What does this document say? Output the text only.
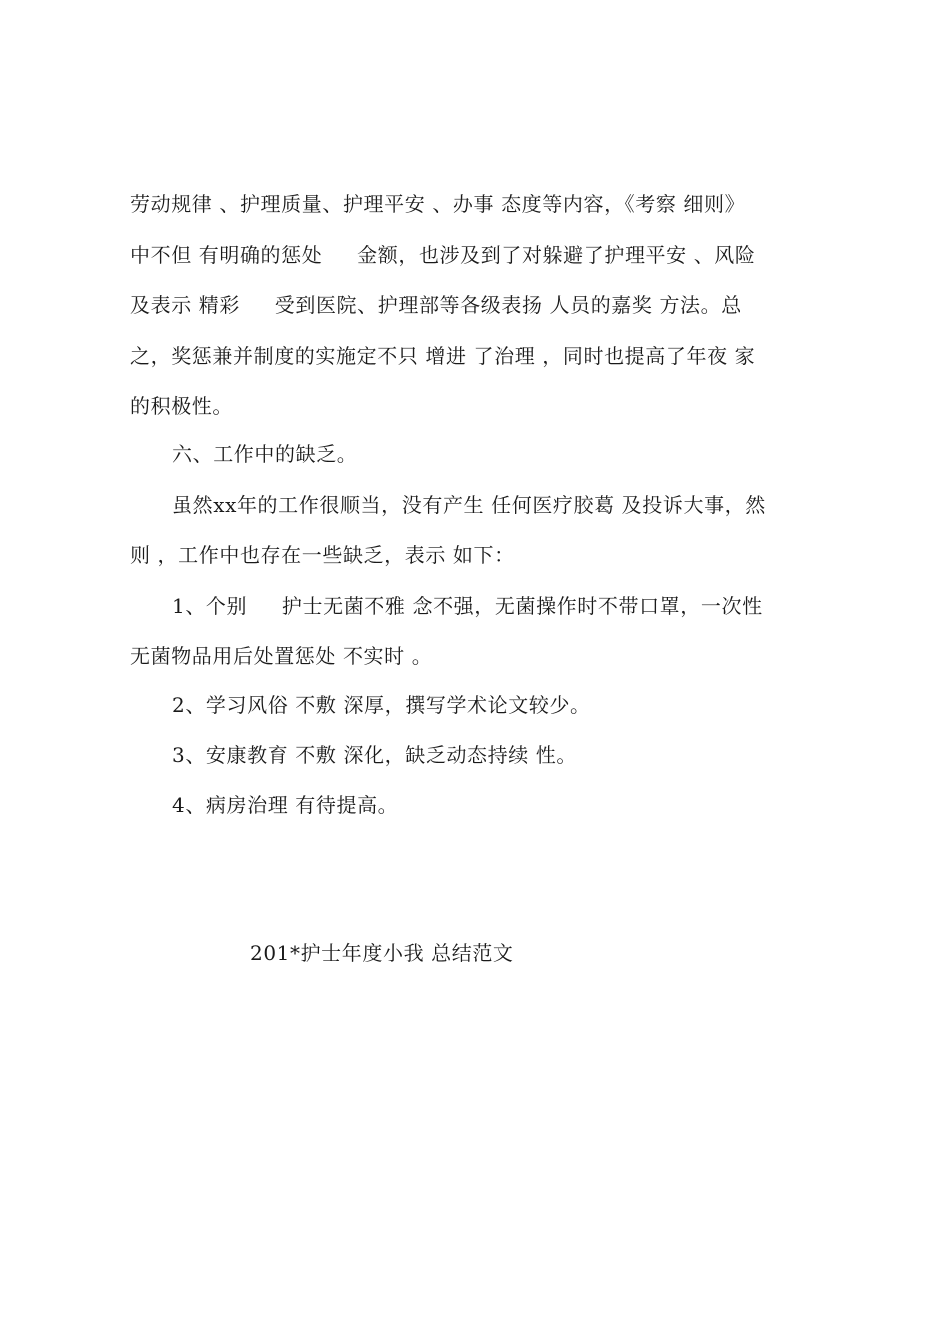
劳动规律 、护理质量、护理平安 、办事 态度等内容，《考察 细则》
中不但 有明确的惩处     金额，也涉及到了对躲避了护理平安 、风险
及表示 精彩     受到医院、护理部等各级表扬 人员的嘉奖 方法。总
之，奖惩兼并制度的实施定不只 增进 了治理 ，同时也提高了年夜 家
的积极性。
六、工作中的缺乏。
虽然xx年的工作很顺当，没有产生 任何医疗胶葛 及投诉大事，然
则 ，工作中也存在一些缺乏，表示 如下：
1、个别     护士无菌不雅 念不强，无菌操作时不带口罩，一次性
无菌物品用后处置惩处 不实时 。
2、学习风俗 不敷 深厚，撰写学术论文较少。
3、安康教育 不敷 深化，缺乏动态持续 性。
4、病房治理 有待提高。
201*护士年度小我 总结范文
